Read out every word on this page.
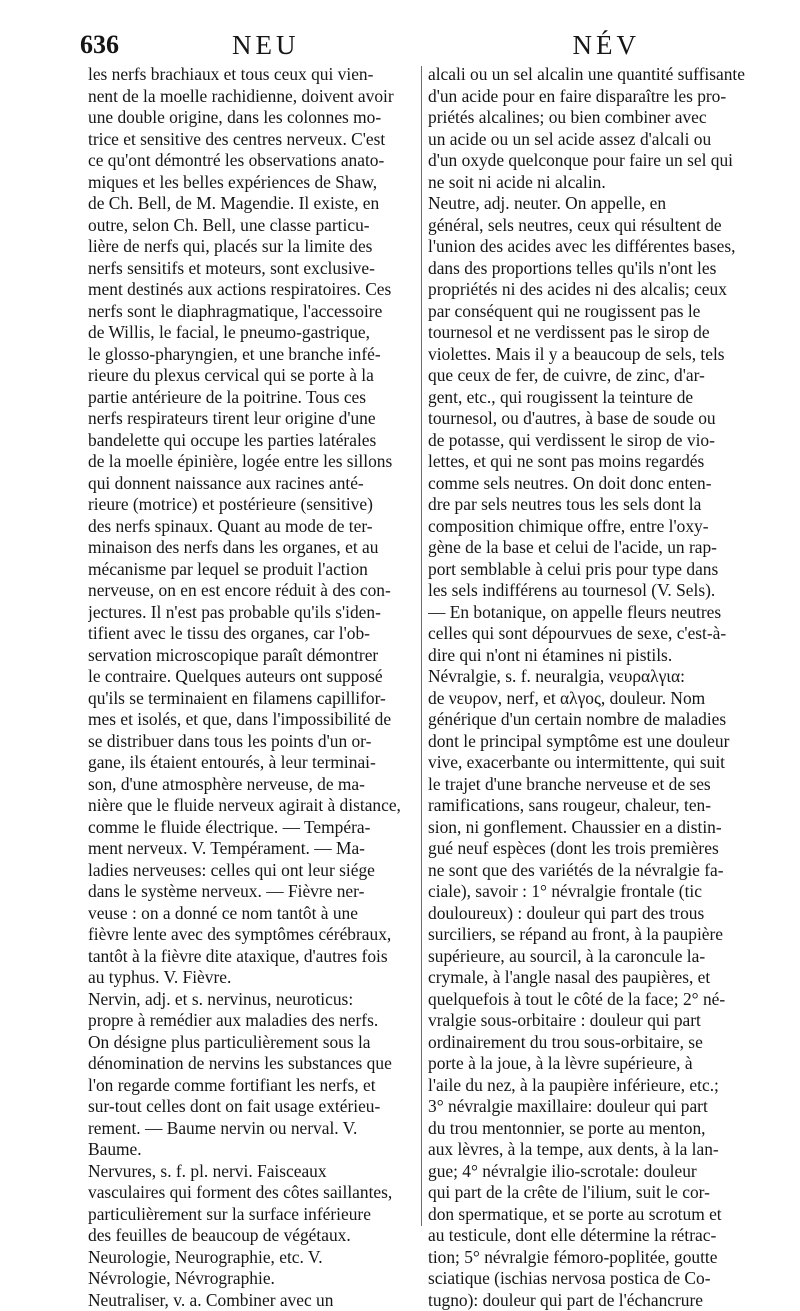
636	NEU	NÉV
les nerfs brachiaux et tous ceux qui vien-
nent de la moelle rachidienne, doivent avoir
une double origine, dans les colonnes mo-
trice et sensitive des centres nerveux. C'est
ce qu'ont démontré les observations anato-
miques et les belles expériences de Shaw,
de Ch. Bell, de M. Magendie. Il existe, en
outre, selon Ch. Bell, une classe particu-
lière de nerfs qui, placés sur la limite des
nerfs sensitifs et moteurs, sont exclusive-
ment destinés aux actions respiratoires. Ces
nerfs sont le diaphragmatique, l'accessoire
de Willis, le facial, le pneumo-gastrique,
le glosso-pharyngien, et une branche infé-
rieure du plexus cervical qui se porte à la
partie antérieure de la poitrine. Tous ces
nerfs respirateurs tirent leur origine d'une
bandelette qui occupe les parties latérales
de la moelle épinière, logée entre les sillons
qui donnent naissance aux racines anté-
rieure (motrice) et postérieure (sensitive)
des nerfs spinaux. Quant au mode de ter-
minaison des nerfs dans les organes, et au
mécanisme par lequel se produit l'action
nerveuse, on en est encore réduit à des con-
jectures. Il n'est pas probable qu'ils s'iden-
tifient avec le tissu des organes, car l'ob-
servation microscopique paraît démontrer
le contraire. Quelques auteurs ont supposé
qu'ils se terminaient en filamens capillifor-
mes et isolés, et que, dans l'impossibilité de
se distribuer dans tous les points d'un or-
gane, ils étaient entourés, à leur terminai-
son, d'une atmosphère nerveuse, de ma-
nière que le fluide nerveux agirait à distance,
comme le fluide électrique. — Tempéra-
ment nerveux. V. Tempérament. — Ma-
ladies nerveuses: celles qui ont leur siége
dans le système nerveux. — Fièvre ner-
veuse : on a donné ce nom tantôt à une
fièvre lente avec des symptômes cérébraux,
tantôt à la fièvre dite ataxique, d'autres fois
au typhus. V. Fièvre.
Nervin, adj. et s. nervinus, neuroticus:
propre à remédier aux maladies des nerfs.
On désigne plus particulièrement sous la
dénomination de nervins les substances que
l'on regarde comme fortifiant les nerfs, et
sur-tout celles dont on fait usage extérieu-
rement. — Baume nervin ou nerval. V.
Baume.
Nervures, s. f. pl. nervi. Faisceaux
vasculaires qui forment des côtes saillantes,
particulièrement sur la surface inférieure
des feuilles de beaucoup de végétaux.
Neurologie, Neurographie, etc. V.
Névrologie, Névrographie.
Neutraliser, v. a. Combiner avec un
alcali ou un sel alcalin une quantité suffisante
d'un acide pour en faire disparaître les pro-
priétés alcalines; ou bien combiner avec
un acide ou un sel acide assez d'alcali ou
d'un oxyde quelconque pour faire un sel qui
ne soit ni acide ni alcalin.
Neutre, adj. neuter. On appelle, en
général, sels neutres, ceux qui résultent de
l'union des acides avec les différentes bases,
dans des proportions telles qu'ils n'ont les
propriétés ni des acides ni des alcalis; ceux
par conséquent qui ne rougissent pas le
tournesol et ne verdissent pas le sirop de
violettes. Mais il y a beaucoup de sels, tels
que ceux de fer, de cuivre, de zinc, d'ar-
gent, etc., qui rougissent la teinture de
tournesol, ou d'autres, à base de soude ou
de potasse, qui verdissent le sirop de vio-
lettes, et qui ne sont pas moins regardés
comme sels neutres. On doit donc enten-
dre par sels neutres tous les sels dont la
composition chimique offre, entre l'oxy-
gène de la base et celui de l'acide, un rap-
port semblable à celui pris pour type dans
les sels indifférens au tournesol (V. Sels).
— En botanique, on appelle fleurs neutres
celles qui sont dépourvues de sexe, c'est-à-
dire qui n'ont ni étamines ni pistils.
Névralgie, s. f. neuralgia, νευραλγια:
de νευρον, nerf, et αλγος, douleur. Nom
générique d'un certain nombre de maladies
dont le principal symptôme est une douleur
vive, exacerbante ou intermittente, qui suit
le trajet d'une branche nerveuse et de ses
ramifications, sans rougeur, chaleur, ten-
sion, ni gonflement. Chaussier en a distin-
gué neuf espèces (dont les trois premières
ne sont que des variétés de la névralgie fa-
ciale), savoir : 1° névralgie frontale (tic
douloureux) : douleur qui part des trous
surciliers, se répand au front, à la paupière
supérieure, au sourcil, à la caroncule la-
crymale, à l'angle nasal des paupières, et
quelquefois à tout le côté de la face; 2° né-
vralgie sous-orbitaire : douleur qui part
ordinairement du trou sous-orbitaire, se
porte à la joue, à la lèvre supérieure, à
l'aile du nez, à la paupière inférieure, etc.;
3° névralgie maxillaire: douleur qui part
du trou mentonnier, se porte au menton,
aux lèvres, à la tempe, aux dents, à la lan-
gue; 4° névralgie ilio-scrotale: douleur
qui part de la crête de l'ilium, suit le cor-
don spermatique, et se porte au scrotum et
au testicule, dont elle détermine la rétrac-
tion; 5° névralgie fémoro-poplitée, goutte
sciatique (ischias nervosa postica de Co-
tugno): douleur qui part de l'échancrure
